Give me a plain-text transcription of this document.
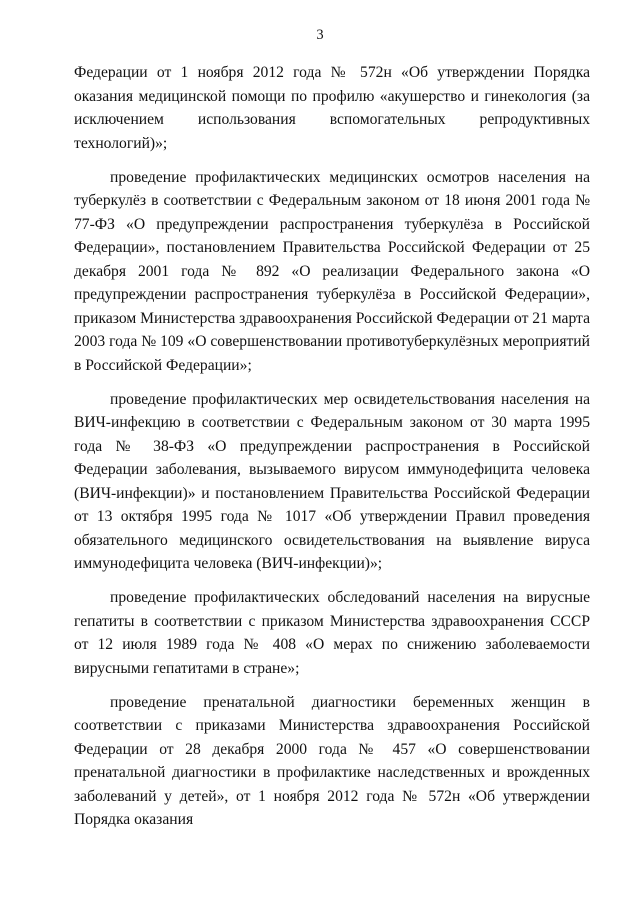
3

Федерации от 1 ноября 2012 года № 572н «Об утверждении Порядка оказания медицинской помощи по профилю «акушерство и гинекология (за исключением использования вспомогательных репродуктивных технологий)»;

проведение профилактических медицинских осмотров населения на туберкулёз в соответствии с Федеральным законом от 18 июня 2001 года № 77-ФЗ «О предупреждении распространения туберкулёза в Российской Федерации», постановлением Правительства Российской Федерации от 25 декабря 2001 года № 892 «О реализации Федерального закона «О предупреждении распространения туберкулёза в Российской Федерации», приказом Министерства здравоохранения Российской Федерации от 21 марта 2003 года № 109 «О совершенствовании противотуберкулёзных мероприятий в Российской Федерации»;

проведение профилактических мер освидетельствования населения на ВИЧ-инфекцию в соответствии с Федеральным законом от 30 марта 1995 года № 38-ФЗ «О предупреждении распространения в Российской Федерации заболевания, вызываемого вирусом иммунодефицита человека (ВИЧ-инфекции)» и постановлением Правительства Российской Федерации от 13 октября 1995 года № 1017 «Об утверждении Правил проведения обязательного медицинского освидетельствования на выявление вируса иммунодефицита человека (ВИЧ-инфекции)»;

проведение профилактических обследований населения на вирусные гепатиты в соответствии с приказом Министерства здравоохранения СССР от 12 июля 1989 года № 408 «О мерах по снижению заболеваемости вирусными гепатитами в стране»;

проведение пренатальной диагностики беременных женщин в соответствии с приказами Министерства здравоохранения Российской Федерации от 28 декабря 2000 года № 457 «О совершенствовании пренатальной диагностики в профилактике наследственных и врожденных заболеваний у детей», от 1 ноября 2012 года № 572н «Об утверждении Порядка оказания
